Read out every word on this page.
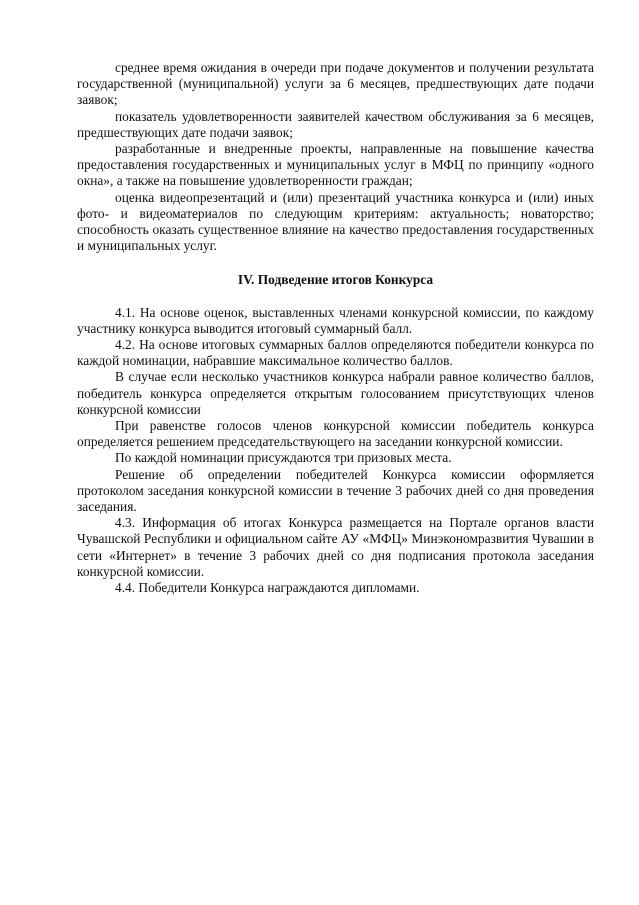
среднее время ожидания в очереди при подаче документов и получении результата государственной (муниципальной) услуги за 6 месяцев, предшествующих дате подачи заявок;

показатель удовлетворенности заявителей качеством обслуживания за 6 месяцев, предшествующих дате подачи заявок;

разработанные и внедренные проекты, направленные на повышение качества предоставления государственных и муниципальных услуг в МФЦ по принципу «одного окна», а также на повышение удовлетворенности граждан;

оценка видеопрезентаций и (или) презентаций участника конкурса и (или) иных фото- и видеоматериалов по следующим критериям: актуальность; новаторство; способность оказать существенное влияние на качество предоставления государственных и муниципальных услуг.

IV. Подведение итогов Конкурса

4.1. На основе оценок, выставленных членами конкурсной комиссии, по каждому участнику конкурса выводится итоговый суммарный балл.

4.2. На основе итоговых суммарных баллов определяются победители конкурса по каждой номинации, набравшие максимальное количество баллов.

В случае если несколько участников конкурса набрали равное количество баллов, победитель конкурса определяется открытым голосованием присутствующих членов конкурсной комиссии

При равенстве голосов членов конкурсной комиссии победитель конкурса определяется решением председательствующего на заседании конкурсной комиссии.

По каждой номинации присуждаются три призовых места.

Решение об определении победителей Конкурса комиссии оформляется протоколом заседания конкурсной комиссии в течение 3 рабочих дней со дня проведения заседания.

4.3. Информация об итогах Конкурса размещается на Портале органов власти Чувашской Республики и официальном сайте АУ «МФЦ» Минэкономразвития Чувашии в сети «Интернет» в течение 3 рабочих дней со дня подписания протокола заседания конкурсной комиссии.

4.4. Победители Конкурса награждаются дипломами.
